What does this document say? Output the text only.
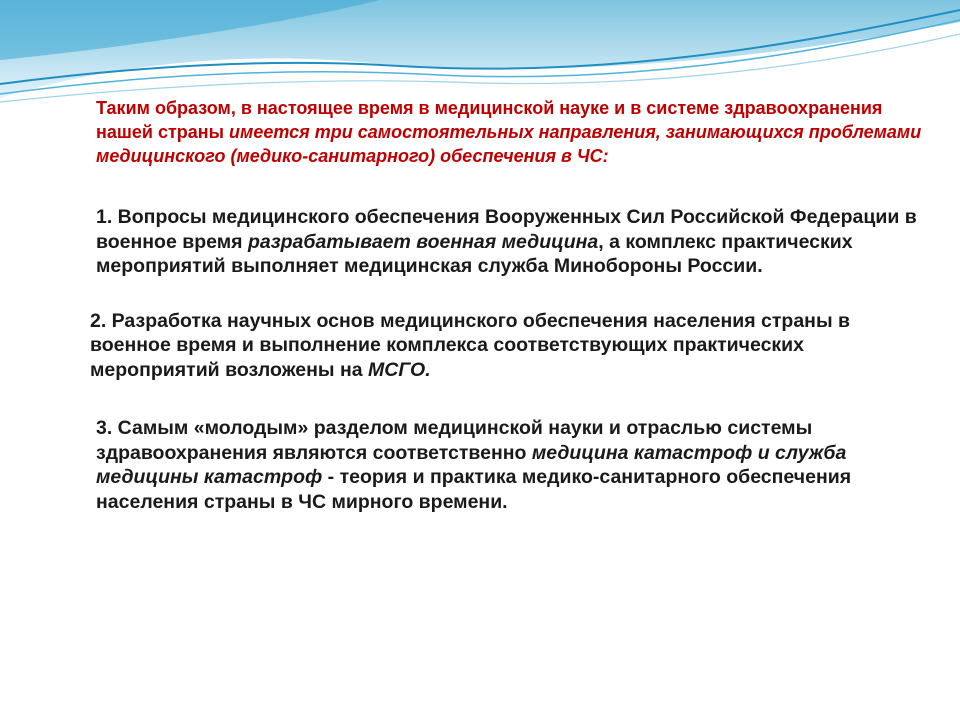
Таким образом, в настоящее время в медицинской науке и в системе здравоохранения нашей страны имеется три самостоятельных направления, занимающихся проблемами медицинского (медико-санитарного) обеспечения в ЧС:

1. Вопросы медицинского обеспечения Вооруженных Сил Российской Федерации в военное время разрабатывает военная медицина, а комплекс практических мероприятий выполняет медицинская служба Минобороны России.

2. Разработка научных основ медицинского обеспечения населения страны в военное время и выполнение комплекса соответствующих практических мероприятий возложены на МСГО.

3. Самым «молодым» разделом медицинской науки и отраслью системы здравоохранения являются соответственно медицина катастроф и служба медицины катастроф - теория и практика медико-санитарного обеспечения населения страны в ЧС мирного времени.
